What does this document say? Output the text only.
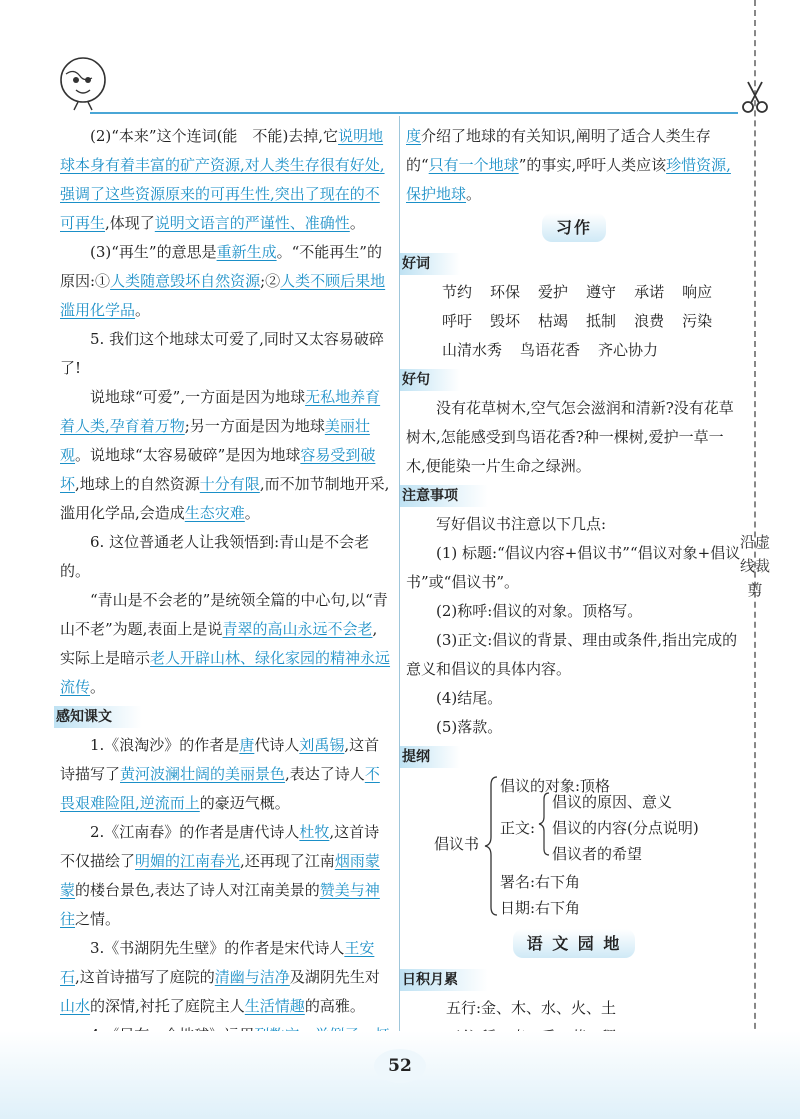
沿虚线裁剪

(2)“本来”这个连词(能　不能)去掉,它说明地球本身有着丰富的矿产资源,对人类生存很有好处,强调了这些资源原来的可再生性,突出了现在的不可再生,体现了说明文语言的严谨性、准确性。

(3)“再生”的意思是重新生成。“不能再生”的原因:①人类随意毁坏自然资源;②人类不顾后果地滥用化学品。

5. 我们这个地球太可爱了,同时又太容易破碎了!

说地球“可爱”,一方面是因为地球无私地养育着人类,孕育着万物;另一方面是因为地球美丽壮观。说地球“太容易破碎”是因为地球容易受到破坏,地球上的自然资源十分有限,而不加节制地开采,滥用化学品,会造成生态灾难。

6. 这位普通老人让我领悟到:青山是不会老的。

“青山是不会老的”是统领全篇的中心句,以“青山不老”为题,表面上是说青翠的高山永远不会老,实际上是暗示老人开辟山林、绿化家园的精神永远流传。

感知课文

1.《浪淘沙》的作者是唐代诗人刘禹锡,这首诗描写了黄河波澜壮阔的美丽景色,表达了诗人不畏艰难险阻,逆流而上的豪迈气概。

2.《江南春》的作者是唐代诗人杜牧,这首诗不仅描绘了明媚的江南春光,还再现了江南烟雨蒙蒙的楼台景色,表达了诗人对江南美景的赞美与神往之情。

3.《书湖阴先生壁》的作者是宋代诗人王安石,这首诗描写了庭院的清幽与洁净及湖阴先生对山水的深情,衬托了庭院主人生活情趣的高雅。

度介绍了地球的有关知识,阐明了适合人类生存的“只有一个地球”的事实,呼吁人类应该珍惜资源,保护地球。

习作
好词
节约 环保 爱护 遵守 承诺 响应
呼吁 毁坏 枯竭 抵制 浪费 污染
山清水秀 鸟语花香 齐心协力
好句

没有花草树木,空气怎会滋润和清新?没有花草树木,怎能感受到鸟语花香?种一棵树,爱护一草一木,便能染一片生命之绿洲。

注意事项

写好倡议书注意以下几点:

(1) 标题:“倡议内容+倡议书”“倡议对象+倡议书”或“倡议书”。

(2)称呼:倡议的对象。顶格写。

(3)正文:倡议的背景、理由或条件,指出完成的意义和倡议的具体内容。

(4)结尾。

(5)落款。

提纲
倡议书
倡议的对象:顶格
正文:
倡议的原因、意义
倡议的内容(分点说明)
倡议者的希望
署名:右下角
日期:右下角
语 文 园 地
日积月累

五行:金、木、水、火、土

52
